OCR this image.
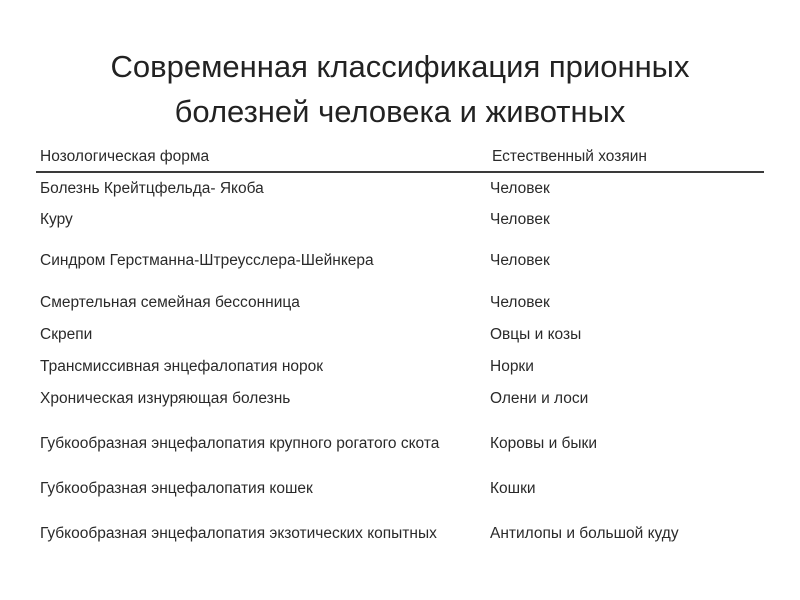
Современная классификация прионных
болезней человека и животных
Нозологическая форма	Естественный хозяин
Болезнь Крейтцфельда- Якоба	Человек
Куру	Человек
Синдром Герстманна-Штреусслера-Шейнкера	Человек
Смертельная семейная бессонница	Человек
Скрепи	Овцы и козы
Трансмиссивная энцефалопатия норок	Норки
Хроническая изнуряющая болезнь	Олени и лоси
Губкообразная энцефалопатия крупного рогатого скота	Коровы и быки
Губкообразная энцефалопатия кошек	Кошки
Губкообразная энцефалопатия экзотических копытных	Антилопы и большой куду
